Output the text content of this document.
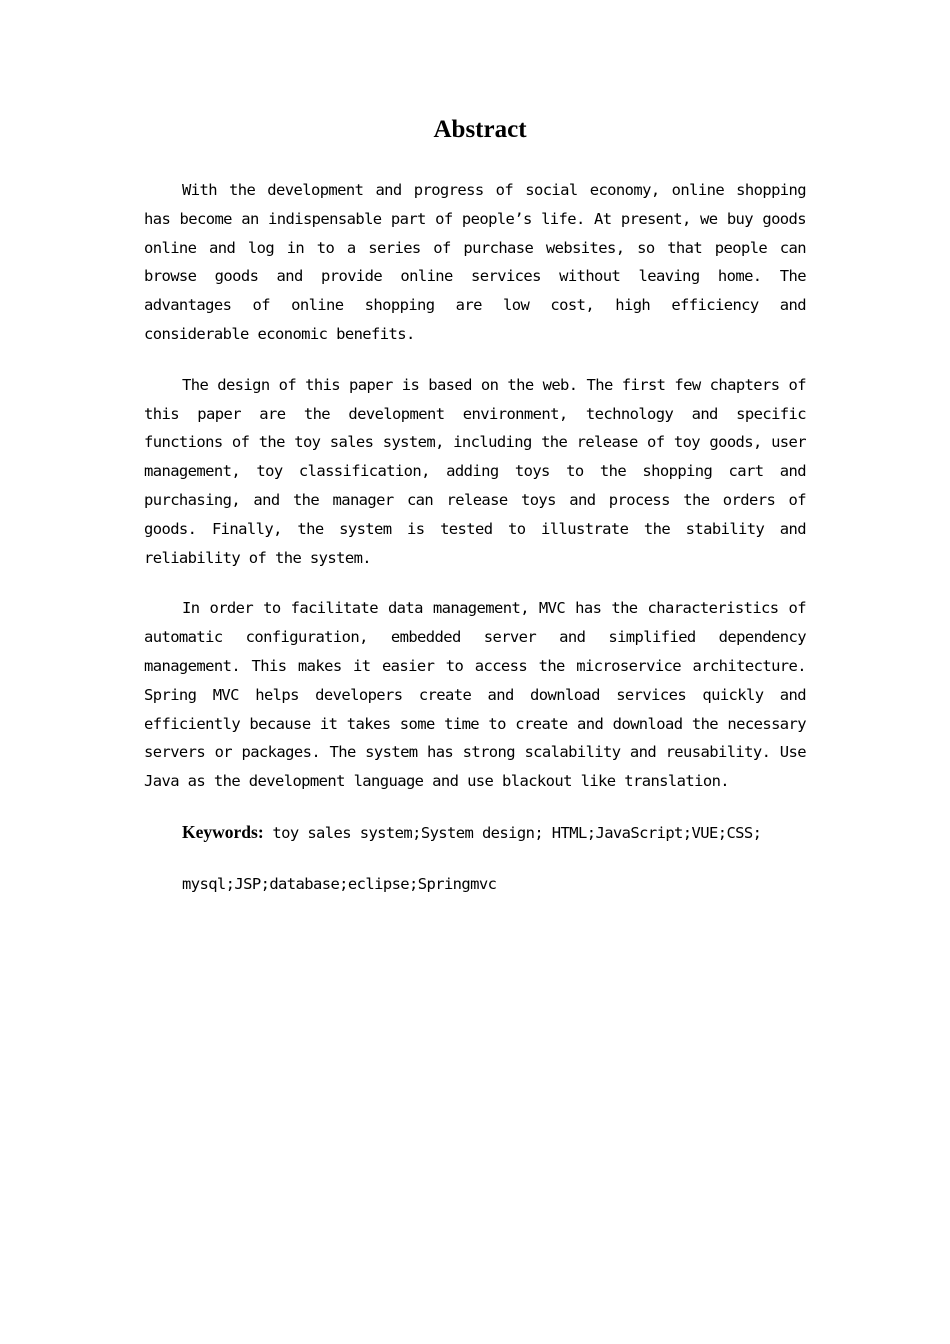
Abstract

With the development and progress of social economy, online shopping has become an indispensable part of people’s life. At present, we buy goods online and log in to a series of purchase websites, so that people can browse goods and provide online services without leaving home. The advantages of online shopping are low cost, high efficiency and considerable economic benefits.

The design of this paper is based on the web. The first few chapters of this paper are the development environment, technology and specific functions of the toy sales system, including the release of toy goods, user management, toy classification, adding toys to the shopping cart and purchasing, and the manager can release toys and process the orders of goods. Finally, the system is tested to illustrate the stability and reliability of the system.

In order to facilitate data management, MVC has the characteristics of automatic configuration, embedded server and simplified dependency management. This makes it easier to access the microservice architecture. Spring MVC helps developers create and download services quickly and efficiently because it takes some time to create and download the necessary servers or packages. The system has strong scalability and reusability. Use Java as the development language and use blackout like translation.

Keywords: toy sales system;System design; HTML;JavaScript;VUE;CSS;

mysql;JSP;database;eclipse;Springmvc
